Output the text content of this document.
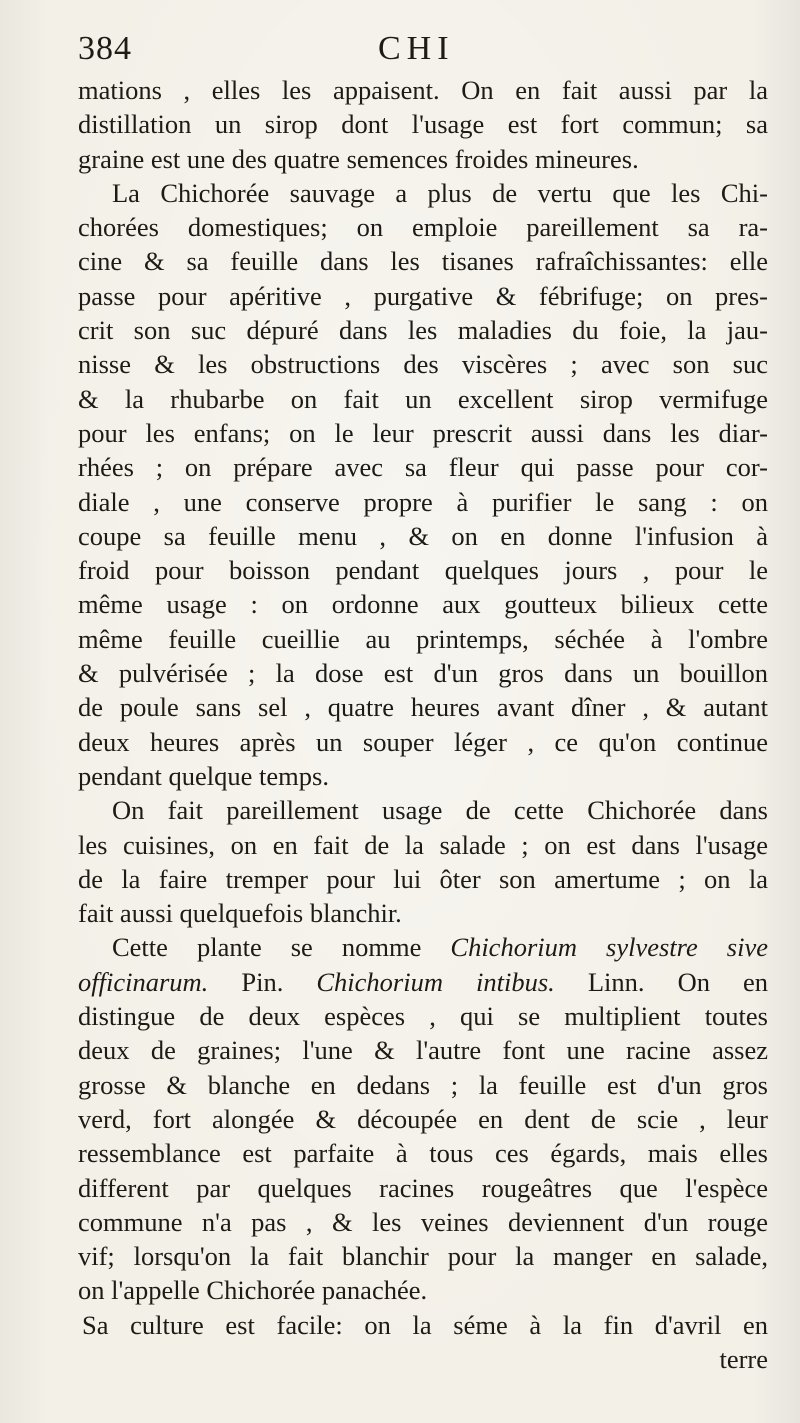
384	CHI
mations , elles les appaisent. On en fait aussi par la
distillation un sirop dont l'usage est fort commun; sa
graine est une des quatre semences froides mineures.
La Chichorée sauvage a plus de vertu que les Chi-
chorées domestiques; on emploie pareillement sa ra-
cine & sa feuille dans les tisanes rafraîchissantes: elle
passe pour apéritive , purgative & fébrifuge; on pres-
crit son suc dépuré dans les maladies du foie, la jau-
nisse & les obstructions des viscères ; avec son suc
& la rhubarbe on fait un excellent sirop vermifuge
pour les enfans; on le leur prescrit aussi dans les diar-
rhées ; on prépare avec sa fleur qui passe pour cor-
diale , une conserve propre à purifier le sang : on
coupe sa feuille menu , & on en donne l'infusion à
froid pour boisson pendant quelques jours , pour le
même usage : on ordonne aux goutteux bilieux cette
même feuille cueillie au printemps, séchée à l'ombre
& pulvérisée ; la dose est d'un gros dans un bouillon
de poule sans sel , quatre heures avant dîner , & autant
deux heures après un souper léger , ce qu'on continue
pendant quelque temps.
On fait pareillement usage de cette Chichorée dans
les cuisines, on en fait de la salade ; on est dans l'usage
de la faire tremper pour lui ôter son amertume ; on la
fait aussi quelquefois blanchir.
Cette plante se nomme Chichorium sylvestre sive
officinarum. Pin. Chichorium intibus. Linn. On en
distingue de deux espèces , qui se multiplient toutes
deux de graines; l'une & l'autre font une racine assez
grosse & blanche en dedans ; la feuille est d'un gros
verd, fort alongée & découpée en dent de scie , leur
ressemblance est parfaite à tous ces égards, mais elles
different par quelques racines rougeâtres que l'espèce
commune n'a pas , & les veines deviennent d'un rouge
vif; lorsqu'on la fait blanchir pour la manger en salade,
on l'appelle Chichorée panachée.
Sa culture est facile: on la séme à la fin d'avril en
terre
